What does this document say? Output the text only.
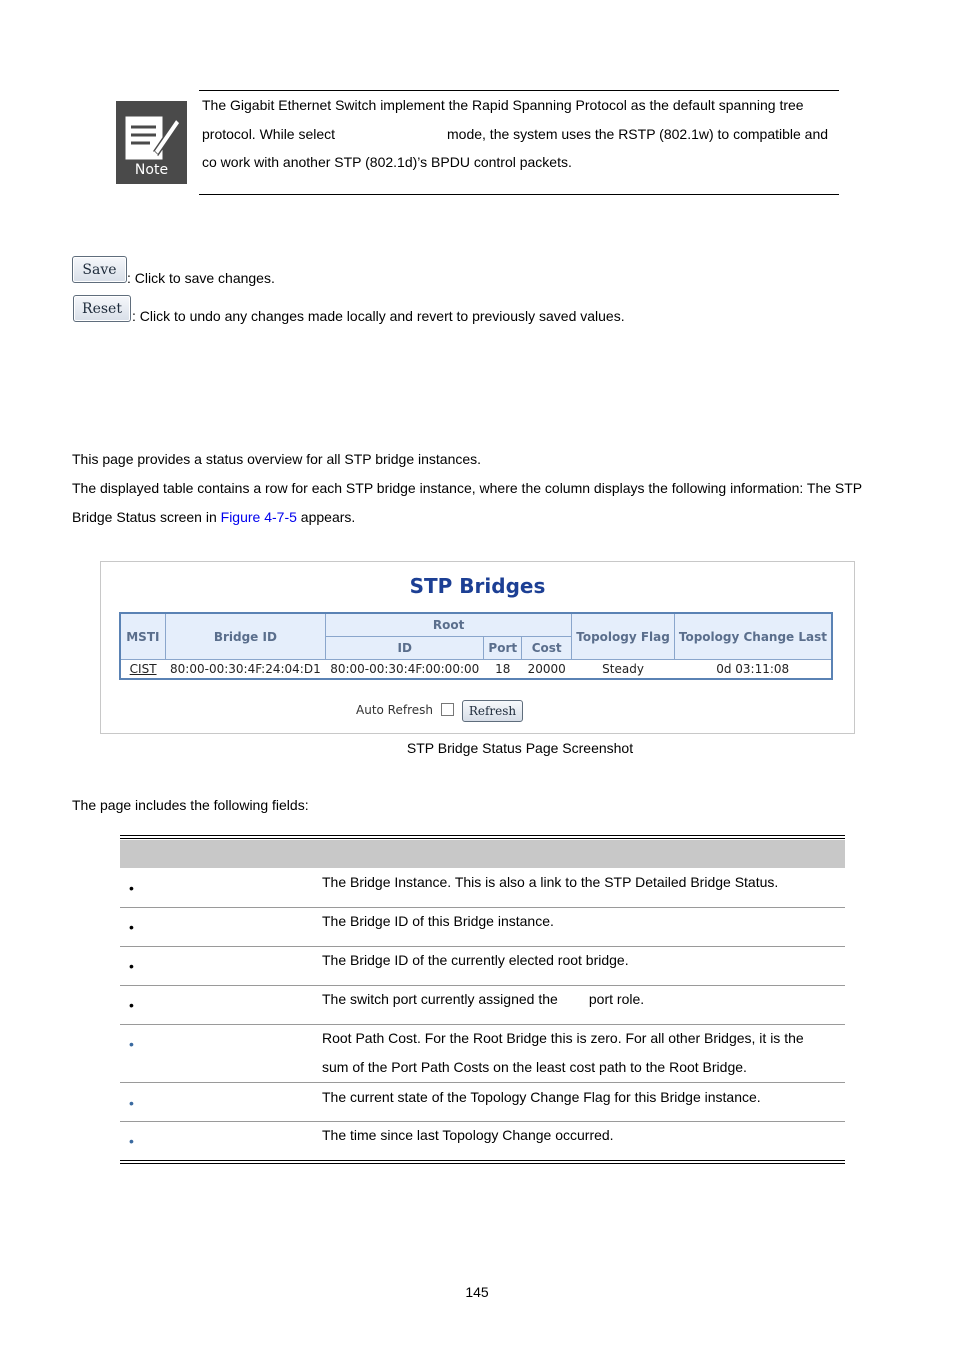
Note
The Gigabit Ethernet Switch implement the Rapid Spanning Protocol as the default spanning tree
protocol. While select	mode, the system uses the RSTP (802.1w) to compatible and
co work with another STP (802.1d)’s BPDU control packets.
Save
: Click to save changes.
Reset : Click to undo any changes made locally and revert to previously saved values.
This page provides a status overview for all STP bridge instances.
The displayed table contains a row for each STP bridge instance, where the column displays the following information: The STP
Bridge Status screen in Figure 4-7-5 appears.
STP Bridges
MSTI	Bridge ID	Root			Topology Flag	Topology Change Last
		ID	Port	Cost		
CIST	80:00-00:30:4F:24:04:D1	80:00-00:30:4F:00:00:00	18	20000	Steady	0d 03:11:08
Auto Refresh	Refresh
STP Bridge Status Page Screenshot
The page includes the following fields:
•	The Bridge Instance. This is also a link to the STP Detailed Bridge Status.
•	The Bridge ID of this Bridge instance.
•	The Bridge ID of the currently elected root bridge.
•	The switch port currently assigned the        port role.
•	Root Path Cost. For the Root Bridge this is zero. For all other Bridges, it is the
sum of the Port Path Costs on the least cost path to the Root Bridge.
•	The current state of the Topology Change Flag for this Bridge instance.
•	The time since last Topology Change occurred.
145
